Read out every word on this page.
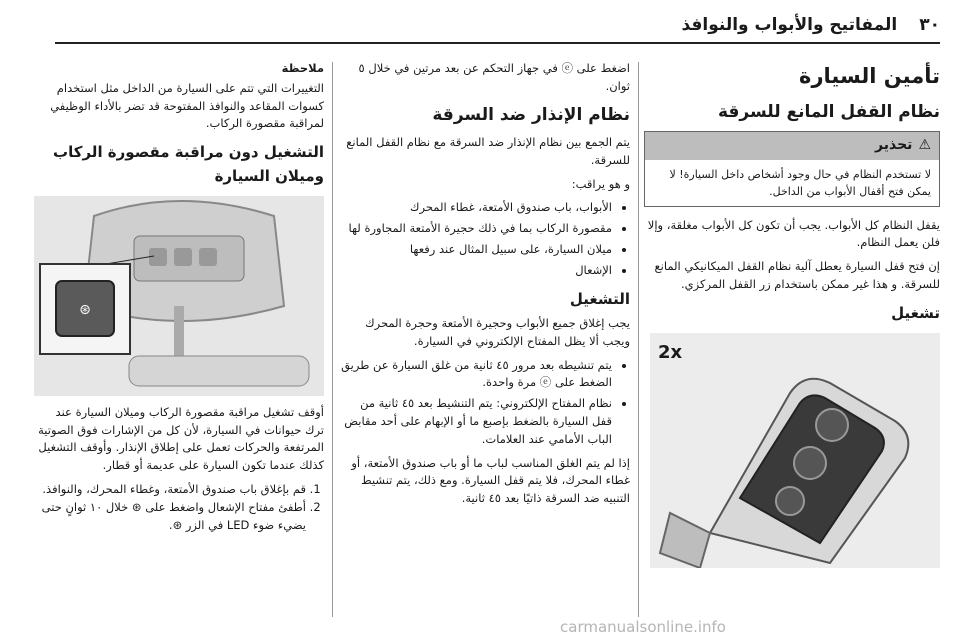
٣٠
المفاتيح والأبواب والنوافذ
تأمين السيارة
نظام القفل المانع للسرقة
⚠
تحذير
لا تستخدم النظام في حال وجود أشخاص داخل السيارة! لا يمكن فتح أقفال الأبواب من الداخل.

يقفل النظام كل الأبواب. يجب أن تكون كل الأبواب مغلقة، وإلا فلن يعمل النظام.

إن فتح قفل السيارة يعطل آلية نظام القفل الميكانيكي المانع للسرقة. و هذا غير ممكن باستخدام زر القفل المركزي.

تشغيل
2x

اضغط على ⓔ في جهاز التحكم عن بعد مرتين في خلال ٥ ثوان.

نظام الإنذار ضد السرقة

يتم الجمع بين نظام الإنذار ضد السرقة مع نظام القفل المانع للسرقة.

و هو يراقب:

• الأبواب، باب صندوق الأمتعة، غطاء المحرك
• مقصورة الركاب بما في ذلك حجيرة الأمتعة المجاورة لها
• ميلان السيارة، على سبيل المثال عند رفعها
• الإشعال
التشغيل

يجب إغلاق جميع الأبواب وحجيرة الأمتعة وحجرة المحرك ويجب ألا يظل المفتاح الإلكتروني في السيارة.

• يتم تنشيطه بعد مرور ٤٥ ثانية من غلق السيارة عن طريق الضغط على ⓔ مرة واحدة.
• نظام المفتاح الإلكتروني: يتم التنشيط بعد ٤٥ ثانية من قفل السيارة بالضغط بإصبع ما أو الإبهام على أحد مقابض الباب الأمامي عند العلامات.

إذا لم يتم الغلق المناسب لباب ما أو باب صندوق الأمتعة، أو غطاء المحرك، فلا يتم قفل السيارة. ومع ذلك، يتم تنشيط التنبيه ضد السرقة ذاتيًا بعد ٤٥ ثانية.

ملاحظة

التغييرات التي تتم على السيارة من الداخل مثل استخدام كسوات المقاعد والنوافذ المفتوحة قد تضر بالأداء الوظيفي لمراقبة مقصورة الركاب.

التشغيل دون مراقبة مقصورة الركاب وميلان السيارة
⊛

أوقف تشغيل مراقبة مقصورة الركاب وميلان السيارة عند ترك حيوانات في السيارة، لأن كل من الإشارات فوق الصوتية المرتفعة والحركات تعمل على إطلاق الإنذار. وأوقف التشغيل كذلك عندما تكون السيارة على عديمة أو قطار.

1. قم بإغلاق باب صندوق الأمتعة، وغطاء المحرك، والنوافذ.
2. أطفئ مفتاح الإشعال واضغط على ⊛ خلال ١٠ ثوانٍ حتى يضيء ضوء LED في الزر ⊛.
carmanualsonline.info
